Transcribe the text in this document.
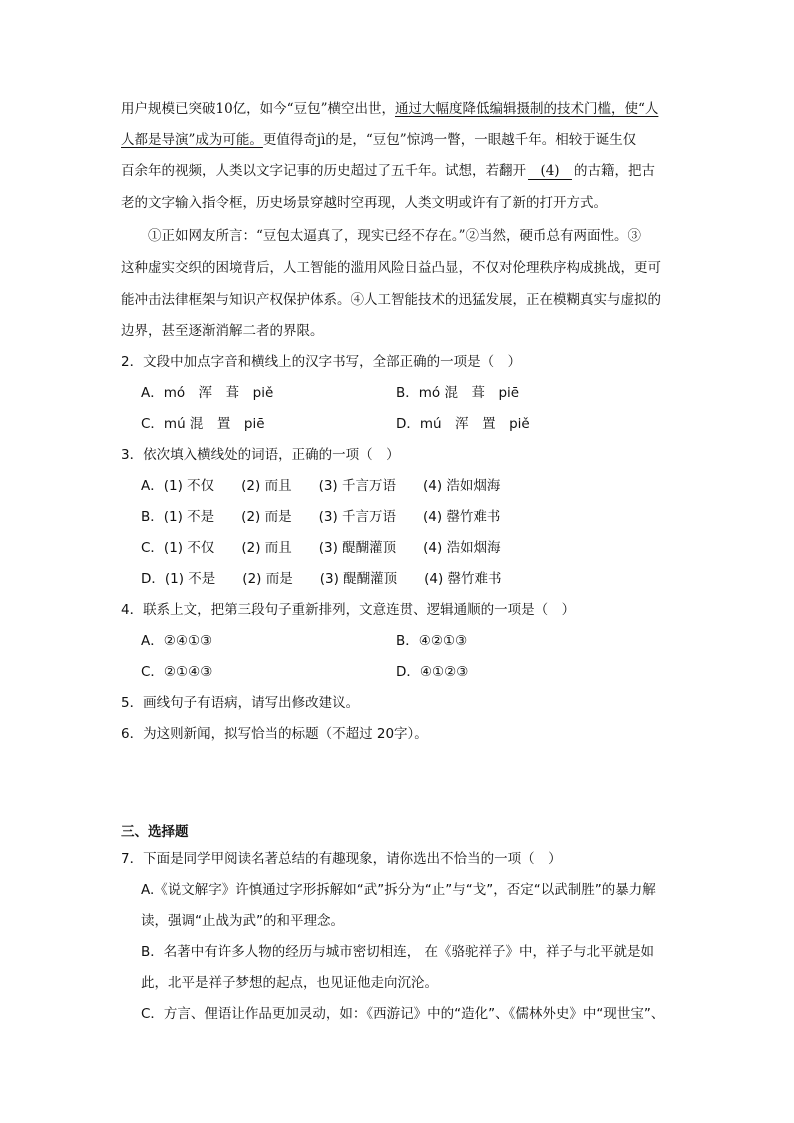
用户规模已突破10亿，如今“豆包”横空出世，通过大幅度降低编辑摄制的技术门槛，使“人
人都是导演”成为可能。更值得奇jì的是，“豆包”惊鸿一瞥，一眼越千年。相较于诞生仅
百余年的视频，人类以文字记事的历史超过了五千年。试想，若翻开 (4) 的古籍，把古
老的文字输入指令框，历史场景穿越时空再现，人类文明或许有了新的打开方式。
①正如网友所言：“豆包太逼真了，现实已经不存在。”②当然，硬币总有两面性。③
这种虚实交织的困境背后，人工智能的滥用风险日益凸显，不仅对伦理秩序构成挑战，更可
能冲击法律框架与知识产权保护体系。④人工智能技术的迅猛发展，正在模糊真实与虚拟的
边界，甚至逐渐消解二者的界限。
2．文段中加点字音和横线上的汉字书写，全部正确的一项是（　）
A．mó　浑　葺　piě	B．mó 混　葺　piē
C．mú 混　置　piē	D．mú　浑　置　piě
3．依次填入横线处的词语，正确的一项（　）
A．(1) 不仅　　(2) 而且　　(3) 千言万语　　(4) 浩如烟海
B．(1) 不是　　(2) 而是　　(3) 千言万语　　(4) 罄竹难书
C．(1) 不仅　　(2) 而且　　(3) 醍醐灌顶　　(4) 浩如烟海
D．(1) 不是　　(2) 而是　　(3) 醍醐灌顶　　(4) 罄竹难书
4．联系上文，把第三段句子重新排列，文意连贯、逻辑通顺的一项是（　）
A．②④①③	B．④②①③
C．②①④③	D．④①②③
5．画线句子有语病，请写出修改建议。
6．为这则新闻，拟写恰当的标题（不超过 20字）。
三、选择题
7．下面是同学甲阅读名著总结的有趣现象，请你选出不恰当的一项（　）
A.《说文解字》许慎通过字形拆解如“武”拆分为“止”与“戈”，否定“以武制胜”的暴力解
读，强调“止战为武”的和平理念。
B．名著中有许多人物的经历与城市密切相连， 在《骆驼祥子》中，祥子与北平就是如
此，北平是祥子梦想的起点，也见证他走向沉沦。
C．方言、俚语让作品更加灵动，如：《西游记》中的“造化”、《儒林外史》中“现世宝”、
